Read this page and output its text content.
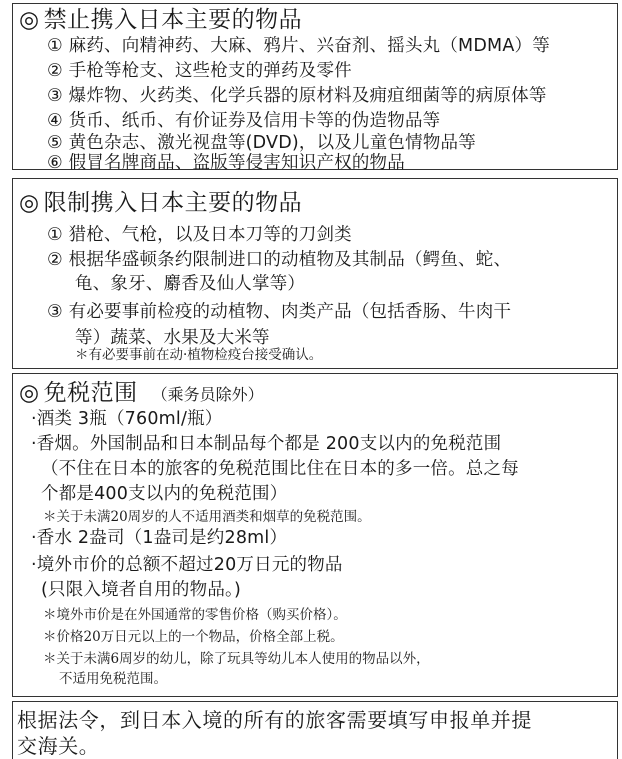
◎ 禁止携入日本主要的物品
① 麻药、向精神药、大麻、鸦片、兴奋剂、摇头丸（MDMA）等
② 手枪等枪支、这些枪支的弹药及零件
③ 爆炸物、火药类、化学兵器的原材料及痈疽细菌等的病原体等
④ 货币、纸币、有价证券及信用卡等的伪造物品等
⑤ 黄色杂志、激光视盘等(DVD)，以及儿童色情物品等
⑥ 假冒名牌商品、盗版等侵害知识产权的物品
◎ 限制携入日本主要的物品
① 猎枪、气枪，以及日本刀等的刀剑类
② 根据华盛顿条约限制进口的动植物及其制品（鳄鱼、蛇、
龟、象牙、麝香及仙人掌等）
③ 有必要事前检疫的动植物、肉类产品（包括香肠、牛肉干
等）蔬菜、水果及大米等
＊有必要事前在动·植物检疫台接受确认。
◎ 免税范围 （乘务员除外）
·酒类 3瓶（760ml/瓶）
·香烟。外国制品和日本制品每个都是 200支以内的免税范围
（不住在日本的旅客的免税范围比住在日本的多一倍。总之每
个都是400支以内的免税范围）
＊关于未满20周岁的人不适用酒类和烟草的免税范围。
·香水 2盎司（1盎司是约28ml）
·境外市价的总额不超过20万日元的物品
(只限入境者自用的物品。)
＊境外市价是在外国通常的零售价格（购买价格）。
＊价格20万日元以上的一个物品，价格全部上税。
＊关于未满6周岁的幼儿，除了玩具等幼儿本人使用的物品以外，
不适用免税范围。
根据法令，到日本入境的所有的旅客需要填写申报单并提
交海关。
